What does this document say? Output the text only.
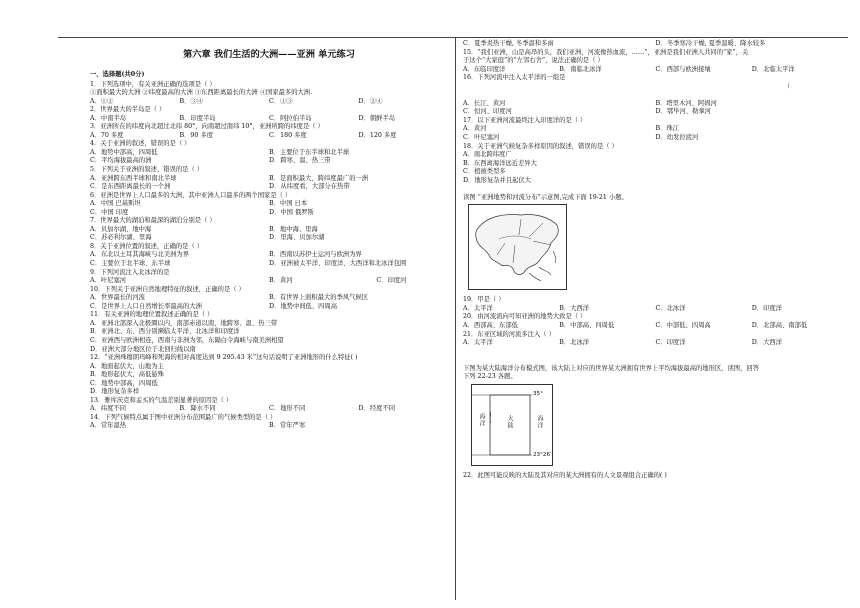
第六章 我们生活的大洲——亚洲 单元练习
一、选择题(共0分)
1．下列选项中，有关亚洲正确的选项是（ ）
①面积最大的大洲 ②纬度最高的大洲 ③东西距离最长的大洲 ④国家最多的大洲.
A．①②	B．③④	C．①③	D．②④
2．世界最大的半岛是（ ）
A．中南半岛	B．印度半岛	C．阿拉伯半岛	D．朝鲜半岛
3．亚洲所在的纬度向北超过北纬 80°，向南超过南纬 10°，亚洲所跨的纬度是（ ）
A．70 多度	B．90 多度	C．180 多度	D．120 多度
4．关于亚洲的叙述，错误的是（ ）
A．地势中部高，四周低	B．主要位于东半球和北半球
C．平均海拔最高的洲	D．跨寒、温、热三带
5．下列关于亚洲的叙述，错误的是（ ）
A．亚洲跨东西半球和南北半球	B．是面积最大、跨纬度最广的一洲
C．是东西距离最长的一个洲	D．从纬度看，大部分在热带
6．亚洲是世界上人口最多的大洲，其中亚洲人口最多的两个国家是（ ）
A．中国 巴基斯坦	B．中国 日本
C．中国 印度	D．中国 俄罗斯
7．世界最大的湖泊和最深的湖泊分别是（ ）
A．贝加尔湖、地中海	B．地中海、里海
C．苏必利尔湖、里海	D．里海、贝加尔湖
8．关于亚洲位置的叙述，正确的是（ ）
A．东北以土耳其海峡与北美洲为界	B．西南以苏伊士运河与欧洲为界
C．主要位于北半球、东半球	D．亚洲被太平洋、印度洋、大西洋和北冰洋包围
9．下列河流注入北冰洋的是
A．叶尼塞河	B．黄河	C．印度河
10．下列关于亚洲自然地理特征的叙述，正确的是（ ）
A．世界最长的河流	B．有世界上面积最大的季风气候区
C．是世界上人口自然增长率最高的大洲	D．地势中间低、四周高
11．有关亚洲的地理位置叙述正确的是（ ）
A．亚洲北部深入北极圈以内，南部赤道以南，地跨寒、温、热三带
B．亚洲北、东、西分别濒临太平洋、北冰洋和印度洋
C．亚洲西与欧洲相连，西南与非洲为邻，东隔白令海峡与南美洲相望
D．亚洲大部分地区位于北回归线以南
12．“亚洲珠穆朗玛峰和死海的相对高度达到 9 295.43 米”这句话说明了亚洲地形的什么特征( )
A．地面起伏大，山地为主
B．地形起伏大，高低悬殊
C．地势中部高，四周低
D．地形复杂多样
13．雅库茨克和孟买的气温差别显著的原因是（ ）
A．纬度不同	B．降水不同	C．地形不同	D．经度不同
14．下列气候特点属于图中亚洲分布范围最广的气候类型的是（ ）
A．常年湿热	B．常年严寒
C．夏季炎热干燥, 冬季温和多雨	D．冬季寒冷干燥, 夏季温暖、降水较多
15．“我们亚洲，山是高昂的头，我们亚洲，河流像热血流，……”，亚洲是我们亚洲人共同的“家”，关
于这个“大家庭”的“左邻右舍”，说法正确的是（ ）
A．东临印度洋	B．南临北冰洋	C．西部与欧洲接壤	D．北临太平洋
16．下列河流中注入太平洋的一组是
（
A．长江、黄河	B．塔里木河、阿姆河
C．恒河、印度河	D．鄂毕河、勒拿河
17．以下亚洲河流最终注入印度洋的是（ ）
A．黄河	B．珠江
C．叶尼塞河	D．幼发拉底河
18．关于亚洲气候复杂多样原因的叙述，错误的是（ ）
A．南北跨纬度广
B．东西离海洋远近差异大
C．植被类型多
D．地形复杂并且起伏大
读图 “亚洲地势和河流分布”示意图,完成下面 19-21 小题。
19．甲是（ ）
A．太平洋	B．大西洋	C．北冰洋	D．印度洋
20．由河流流向可知亚洲的地势大致是（ ）
A．西部高、东部低	B．中部高、四周低	C．中部低、四周高	D．北部高、南部低
21．东亚区域的河流多注入（ ）
A．太平洋	B．北冰洋	C．印度洋	D．大西洋
下图为某大陆海洋分布模式图，该大陆上对应的世界某大洲拥有世界上平均海拔最高的地形区，读图，回答
下列 22-23 各题。
35°
23°26′
海洋	大陆	海洋
22．此图可能反映的大陆及其对应的某大洲拥有的人文景观组合正确的( )
